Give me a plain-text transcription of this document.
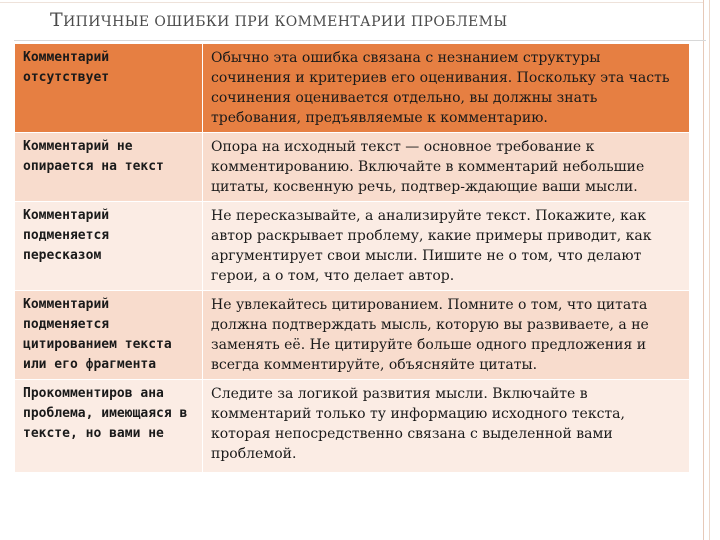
ТИПИЧНЫЕ ОШИБКИ ПРИ КОММЕНТАРИИ ПРОБЛЕМЫ
Комментарий отсутствует	Обычно эта ошибка связана с незнанием структуры сочинения и критериев его оценивания. Поскольку эта часть сочинения оценивается отдельно, вы должны знать требования, предъявляемые к комментарию.
Комментарий не опирается на текст	Опора на исходный текст — основное требование к комментированию. Включайте в комментарий небольшие цитаты, косвенную речь, подтвер-ждающие ваши мысли.
Комментарий подменяется пересказом	Не пересказывайте, а анализируйте текст. Покажите, как автор раскрывает проблему, какие примеры приводит, как аргументирует свои мысли. Пишите не о том, что делают герои, а о том, что делает автор.
Комментарий подменяется цитированием текста или его фрагмента	Не увлекайтесь цитированием. Помните о том, что цитата должна подтверждать мысль, которую вы развиваете, а не заменять её. Не цитируйте больше одного предложения и всегда комментируйте, объясняйте цитаты.
Прокомментиров ана проблема, имеющаяся в тексте, но вами не	Следите за логикой развития мысли. Включайте в комментарий только ту информацию исходного текста, которая непосредственно связана с выделенной вами проблемой.
